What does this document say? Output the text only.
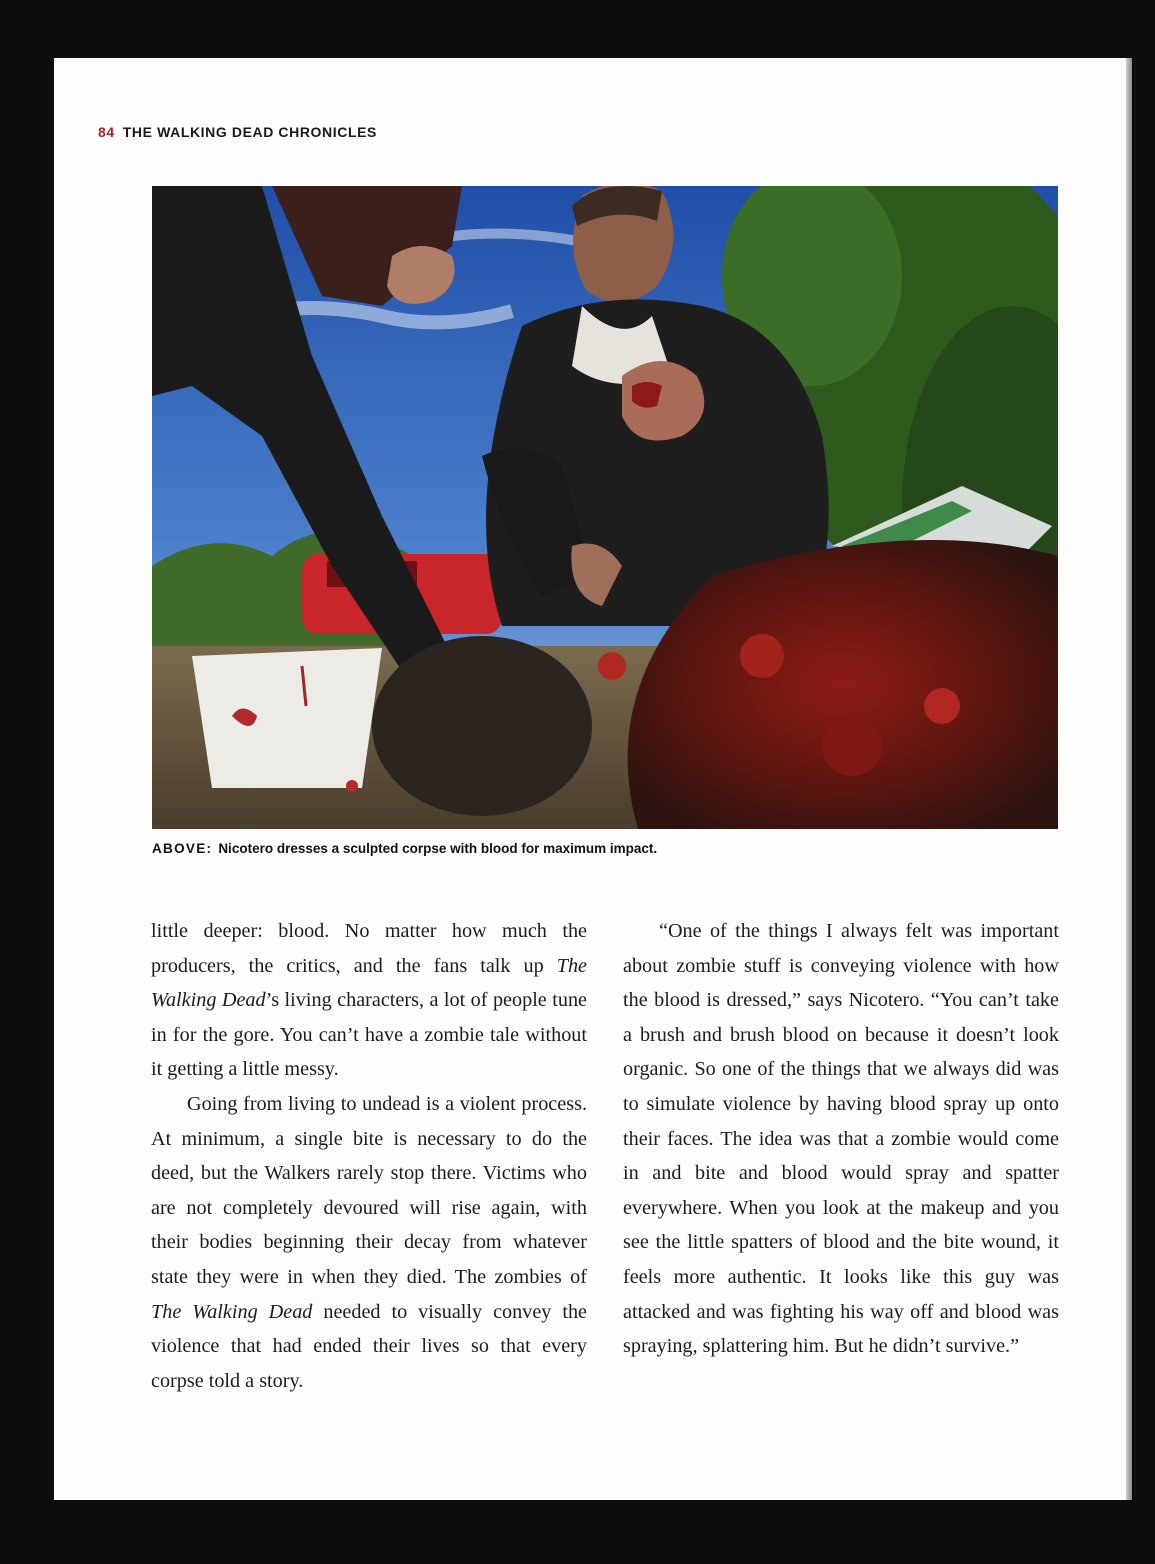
84 THE WALKING DEAD CHRONICLES
ABOVE: Nicotero dresses a sculpted corpse with blood for maximum impact.

little deeper: blood. No matter how much the producers, the critics, and the fans talk up The Walking Dead’s living characters, a lot of people tune in for the gore. You can’t have a zombie tale without it getting a little messy.

Going from living to undead is a violent process. At minimum, a single bite is necessary to do the deed, but the Walkers rarely stop there. Victims who are not completely devoured will rise again, with their bodies beginning their decay from whatever state they were in when they died. The zombies of The Walking Dead needed to visually convey the violence that had ended their lives so that every corpse told a story.

“One of the things I always felt was important about zombie stuff is conveying violence with how the blood is dressed,” says Nicotero. “You can’t take a brush and brush blood on because it doesn’t look organic. So one of the things that we always did was to simulate violence by having blood spray up onto their faces. The idea was that a zombie would come in and bite and blood would spray and spatter everywhere. When you look at the makeup and you see the little spatters of blood and the bite wound, it feels more authentic. It looks like this guy was attacked and was fighting his way off and blood was spraying, splattering him. But he didn’t survive.”
